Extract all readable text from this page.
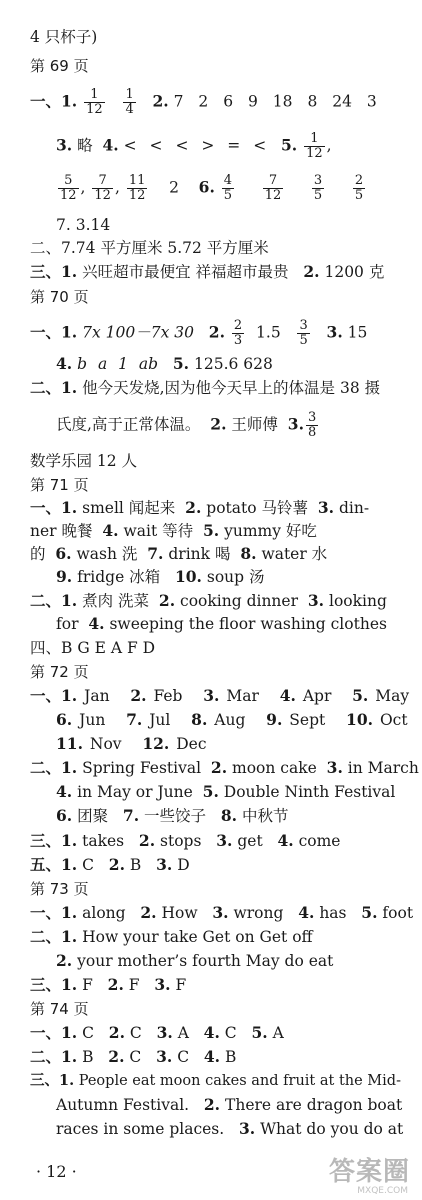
4 只杯子)
第 69 页
一、1. $\frac{1}{12}$
$\frac{1}{4} 2$. 7 2 6 9 18 8 24 3
3. 略 4. < < < > = < 5. $\frac{1}{12}$ ,
$\frac{5}{12}$ , $\frac{7}{12}$ , $\frac{11}{12} 2$ 6. $\frac{4}{5}$
$\frac{7}{12}$
$\frac{3}{5}$
$\frac{2}{5}$
7. 3.14
二、7.74 平方厘米 5.72 平方厘米
三、1. 兴旺超市最便宜 祥福超市最贵 2. 1200 克
第 70 页
一、1. 7x 100－7x 30 2. $\frac{2}{3} 1.5 \frac{3}{5} 3$. 15
4. b a 1 ab 5. 125.6 628
二、1. 他今天发烧,因为他今天早上的体温是 38 摄
氏度,高于正常体温。 2. 王师傅 3. $\frac{3}{8}$
数学乐园 12 人
第 71 页
一、1. smell 闻起来 2. potato 马铃薯 3. din-
ner 晚餐 4. wait 等待 5. yummy 好吃
的 6. wash 洗 7. drink 喝 8. water 水
9. fridge 冰箱 10. soup 汤
二、1. 煮肉 洗菜 2. cooking dinner 3. looking
for 4. sweeping the floor washing clothes
四、B G E A F D
第 72 页
一、1. Jan 2. Feb 3. Mar 4. Apr 5. May
6. Jun 7. Jul 8. Aug 9. Sept 10. Oct
11. Nov 12. Dec
二、1. Spring Festival 2. moon cake 3. in March
4. in May or June 5. Double Ninth Festival
6. 团聚 7. 一些饺子 8. 中秋节
三、1. takes 2. stops 3. get 4. come
五、1. C 2. B 3. D
第 73 页
一、1. along 2. How 3. wrong 4. has 5. foot
二、1. How your take Get on Get off
2. your mother’s fourth May do eat
三、1. F 2. F 3. F
第 74 页
一、1. C 2. C 3. A 4. C 5. A
二、1. B 2. C 3. C 4. B
三、1. People eat moon cakes and fruit at the Mid-
Autumn Festival. 2. There are dragon boat
races in some places. 3. What do you do at
· 12 ·	答案圈
MXQE.COM
